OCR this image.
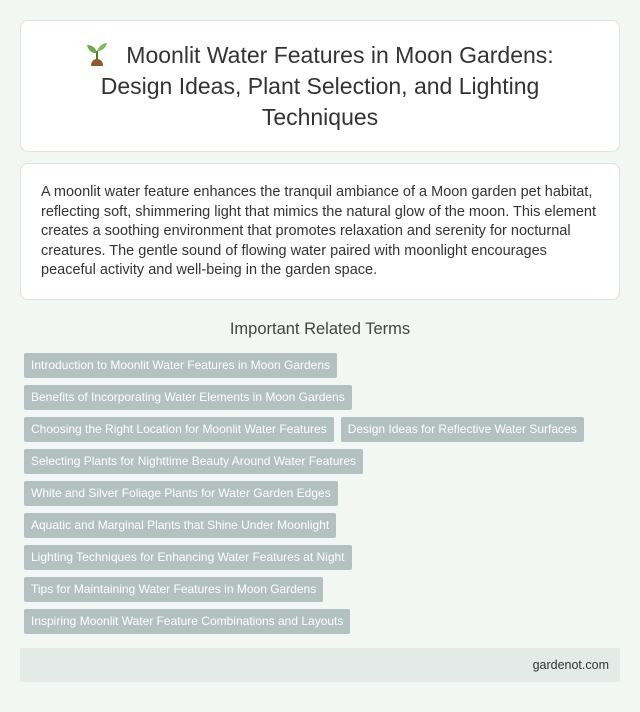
Moonlit Water Features in Moon Gardens: Design Ideas, Plant Selection, and Lighting Techniques

A moonlit water feature enhances the tranquil ambiance of a Moon garden pet habitat, reflecting soft, shimmering light that mimics the natural glow of the moon. This element creates a soothing environment that promotes relaxation and serenity for nocturnal creatures. The gentle sound of flowing water paired with moonlight encourages peaceful activity and well-being in the garden space.

Important Related Terms
Introduction to Moonlit Water Features in Moon Gardens
Benefits of Incorporating Water Elements in Moon Gardens
Choosing the Right Location for Moonlit Water Features	Design Ideas for Reflective Water Surfaces
Selecting Plants for Nighttime Beauty Around Water Features
White and Silver Foliage Plants for Water Garden Edges
Aquatic and Marginal Plants that Shine Under Moonlight
Lighting Techniques for Enhancing Water Features at Night
Tips for Maintaining Water Features in Moon Gardens
Inspiring Moonlit Water Feature Combinations and Layouts
gardenot.com
